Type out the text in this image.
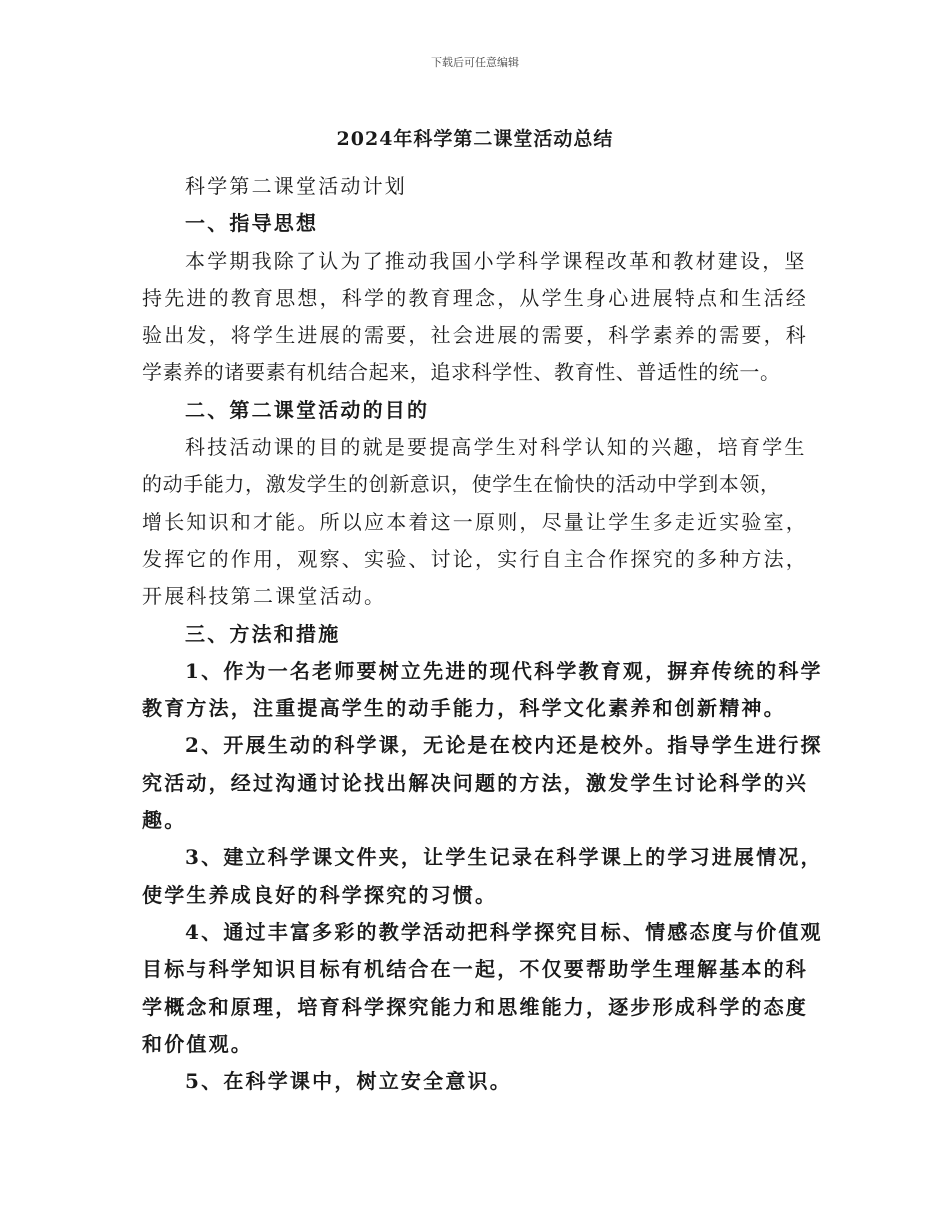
下载后可任意编辑
2024年科学第二课堂活动总结
科学第二课堂活动计划
一、指导思想
本学期我除了认为了推动我国小学科学课程改革和教材建设，坚
持先进的教育思想，科学的教育理念，从学生身心进展特点和生活经
验出发，将学生进展的需要，社会进展的需要，科学素养的需要，科
学素养的诸要素有机结合起来，追求科学性、教育性、普适性的统一。
二、第二课堂活动的目的
科技活动课的目的就是要提高学生对科学认知的兴趣，培育学生
的动手能力，激发学生的创新意识，使学生在愉快的活动中学到本领，
增长知识和才能。所以应本着这一原则，尽量让学生多走近实验室，
发挥它的作用，观察、实验、讨论，实行自主合作探究的多种方法，
开展科技第二课堂活动。
三、方法和措施
1、作为一名老师要树立先进的现代科学教育观，摒弃传统的科学
教育方法，注重提高学生的动手能力，科学文化素养和创新精神。
2、开展生动的科学课，无论是在校内还是校外。指导学生进行探
究活动，经过沟通讨论找出解决问题的方法，激发学生讨论科学的兴
趣。
3、建立科学课文件夹，让学生记录在科学课上的学习进展情况，
使学生养成良好的科学探究的习惯。
4、通过丰富多彩的教学活动把科学探究目标、情感态度与价值观
目标与科学知识目标有机结合在一起，不仅要帮助学生理解基本的科
学概念和原理，培育科学探究能力和思维能力，逐步形成科学的态度
和价值观。
5、在科学课中，树立安全意识。
